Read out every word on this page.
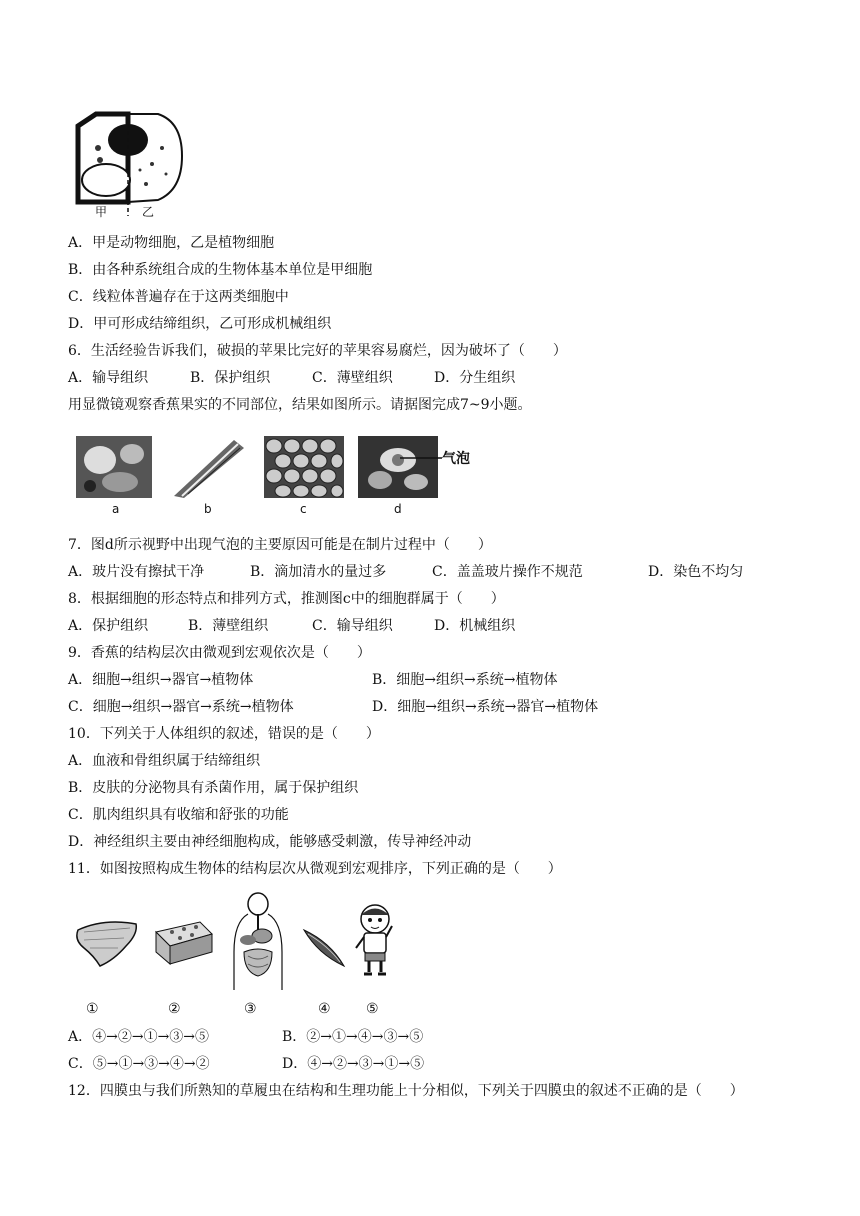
甲	乙
A．甲是动物细胞，乙是植物细胞
B．由各种系统组合成的生物体基本单位是甲细胞
C．线粒体普遍存在于这两类细胞中
D．甲可形成结缔组织，乙可形成机械组织
6．生活经验告诉我们，破损的苹果比完好的苹果容易腐烂，因为破坏了（　　）
A．输导组织	B．保护组织	C．薄壁组织	D．分生组织
用显微镜观察香蕉果实的不同部位，结果如图所示。请据图完成7~9小题。
气泡
a	b	c	d
7．图d所示视野中出现气泡的主要原因可能是在制片过程中（　　）
A．玻片没有擦拭干净	B．滴加清水的量过多	C．盖盖玻片操作不规范	D．染色不均匀
8．根据细胞的形态特点和排列方式，推测图c中的细胞群属于（　　）
A．保护组织	B．薄壁组织	C．输导组织	D．机械组织
9．香蕉的结构层次由微观到宏观依次是（　　）
A．细胞→组织→器官→植物体	B．细胞→组织→系统→植物体
C．细胞→组织→器官→系统→植物体	D．细胞→组织→系统→器官→植物体
10．下列关于人体组织的叙述，错误的是（　　）
A．血液和骨组织属于结缔组织
B．皮肤的分泌物具有杀菌作用，属于保护组织
C．肌肉组织具有收缩和舒张的功能
D．神经组织主要由神经细胞构成，能够感受刺激，传导神经冲动
11．如图按照构成生物体的结构层次从微观到宏观排序，下列正确的是（　　）
①	②	③	④	⑤
A．④→②→①→③→⑤	B．②→①→④→③→⑤
C．⑤→①→③→④→②	D．④→②→③→①→⑤
12．四膜虫与我们所熟知的草履虫在结构和生理功能上十分相似，下列关于四膜虫的叙述不正确的是（　　）
